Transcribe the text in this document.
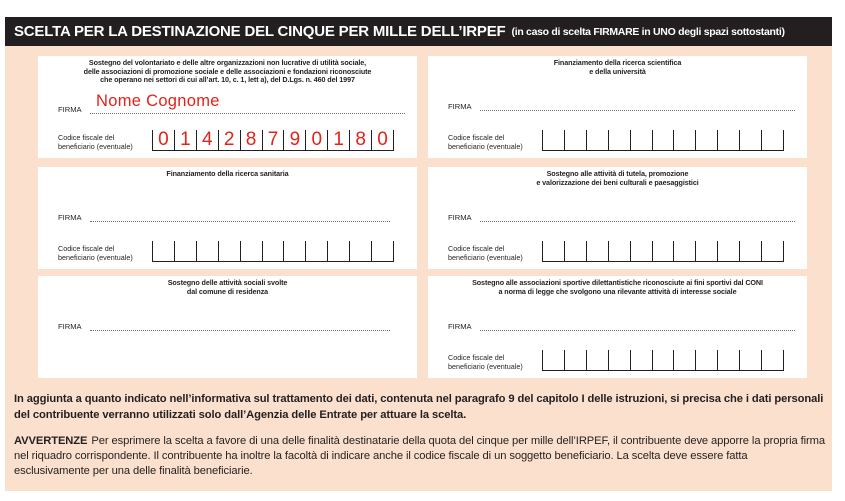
SCELTA PER LA DESTINAZIONE DEL CINQUE PER MILLE DELL’IRPEF (in caso di scelta FIRMARE in UNO degli spazi sottostanti)
Sostegno del volontariato e delle altre organizzazioni non lucrative di utilità sociale,
delle associazioni di promozione sociale e delle associazioni e fondazioni riconosciute
che operano nei settori di cui all’art. 10, c. 1, lett a), del D.Lgs. n. 460 del 1997
FIRMA Nome Cognome
Codice fiscale del
beneficiario (eventuale)	0 1 4 2 8 7 9 0 1 8 0
Finanziamento della ricerca scientifica
e della università
FIRMA
Codice fiscale del
beneficiario (eventuale)
Finanziamento della ricerca sanitaria
FIRMA
Codice fiscale del
beneficiario (eventuale)
Sostegno alle attività di tutela, promozione
e valorizzazione dei beni culturali e paesaggistici
FIRMA
Codice fiscale del
beneficiario (eventuale)
Sostegno delle attività sociali svolte
dal comune di residenza
FIRMA
Sostegno alle associazioni sportive dilettantistiche riconosciute ai fini sportivi dal CONI
a norma di legge che svolgono una rilevante attività di interesse sociale
FIRMA
Codice fiscale del
beneficiario (eventuale)
In aggiunta a quanto indicato nell’informativa sul trattamento dei dati, contenuta nel paragrafo 9 del capitolo I delle istruzioni, si precisa che i dati personali del contribuente verranno utilizzati solo dall’Agenzia delle Entrate per attuare la scelta.
AVVERTENZE Per esprimere la scelta a favore di una delle finalità destinatarie della quota del cinque per mille dell’IRPEF, il contribuente deve apporre la propria firma nel riquadro corrispondente. Il contribuente ha inoltre la facoltà di indicare anche il codice fiscale di un soggetto beneficiario. La scelta deve essere fatta esclusivamente per una delle finalità beneficiarie.
